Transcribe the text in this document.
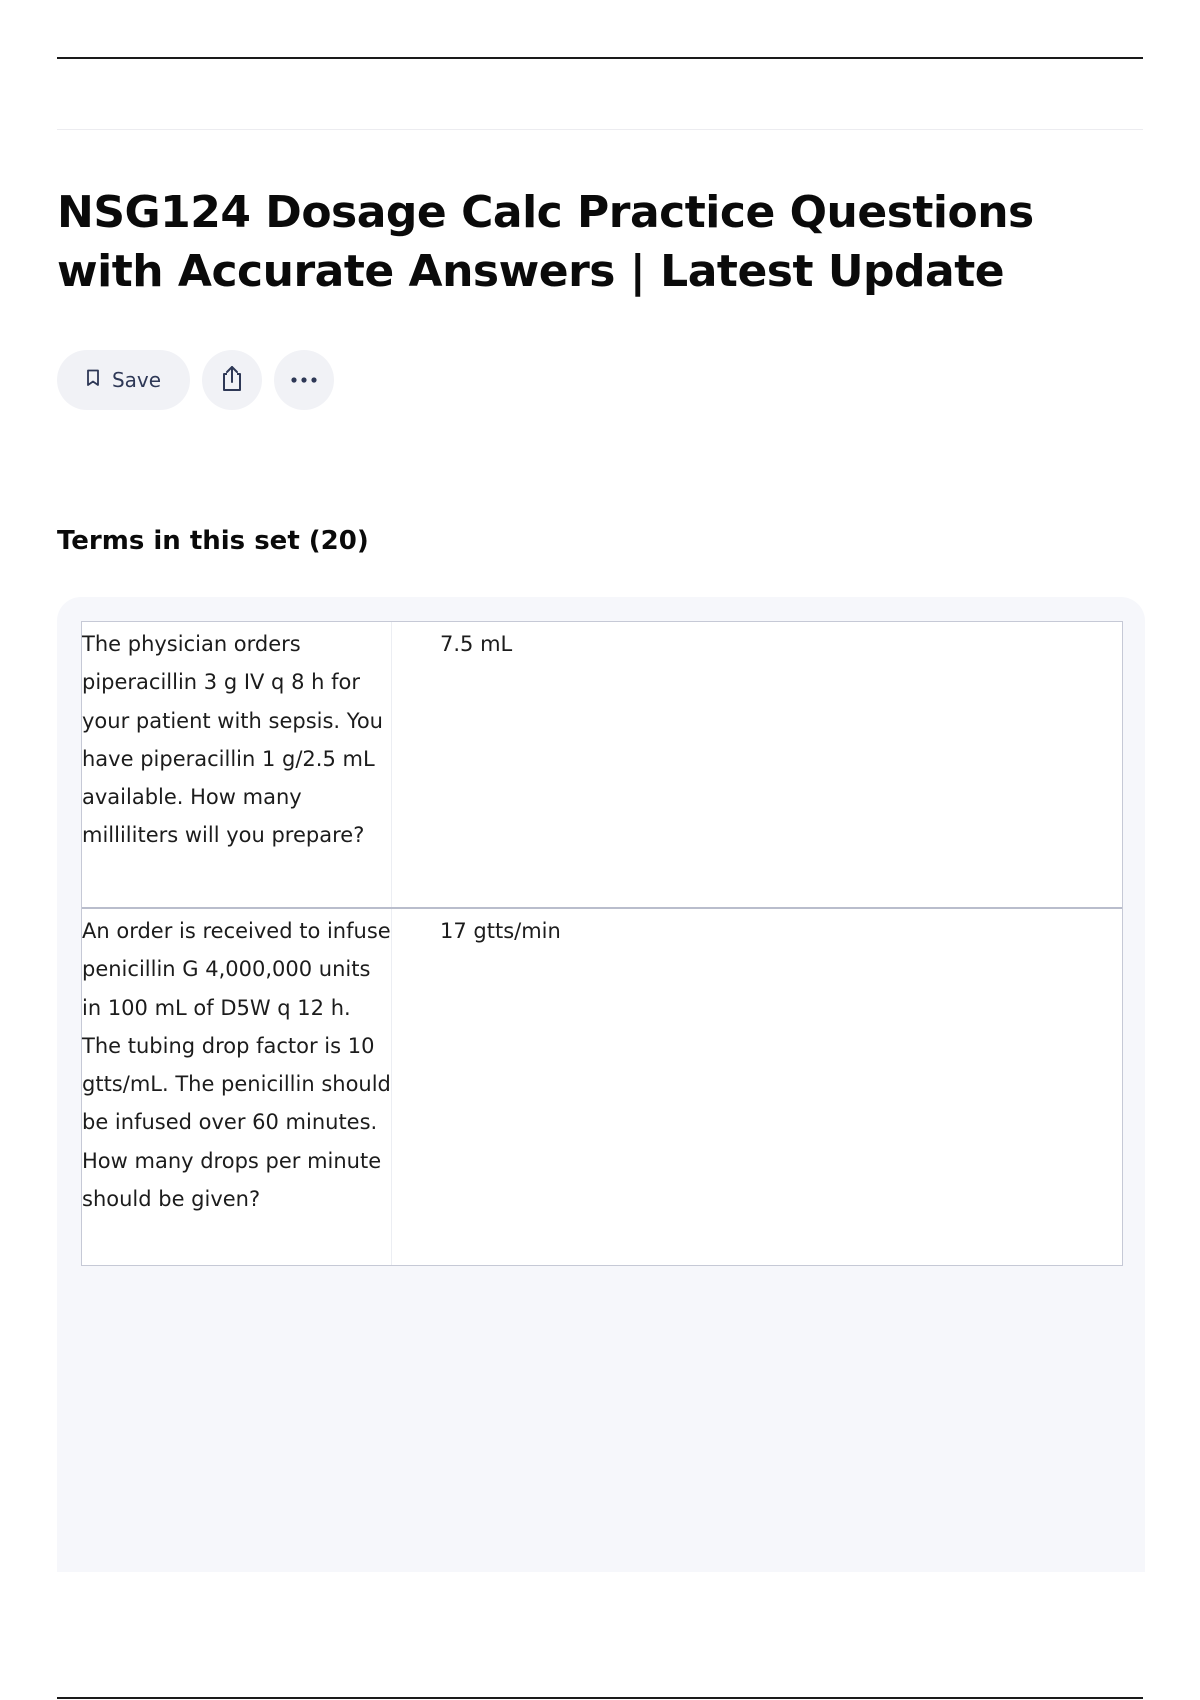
NSG124 Dosage Calc Practice Questions with Accurate Answers | Latest Update
Save
Terms in this set (20)
The physician orders piperacillin 3 g IV q 8 h for your patient with sepsis. You have piperacillin 1 g/2.5 mL available. How many milliliters will you prepare?
7.5 mL
An order is received to infuse penicillin G 4,000,000 units in 100 mL of D5W q 12 h. The tubing drop factor is 10 gtts/mL. The penicillin should be infused over 60 minutes. How many drops per minute should be given?
17 gtts/min
